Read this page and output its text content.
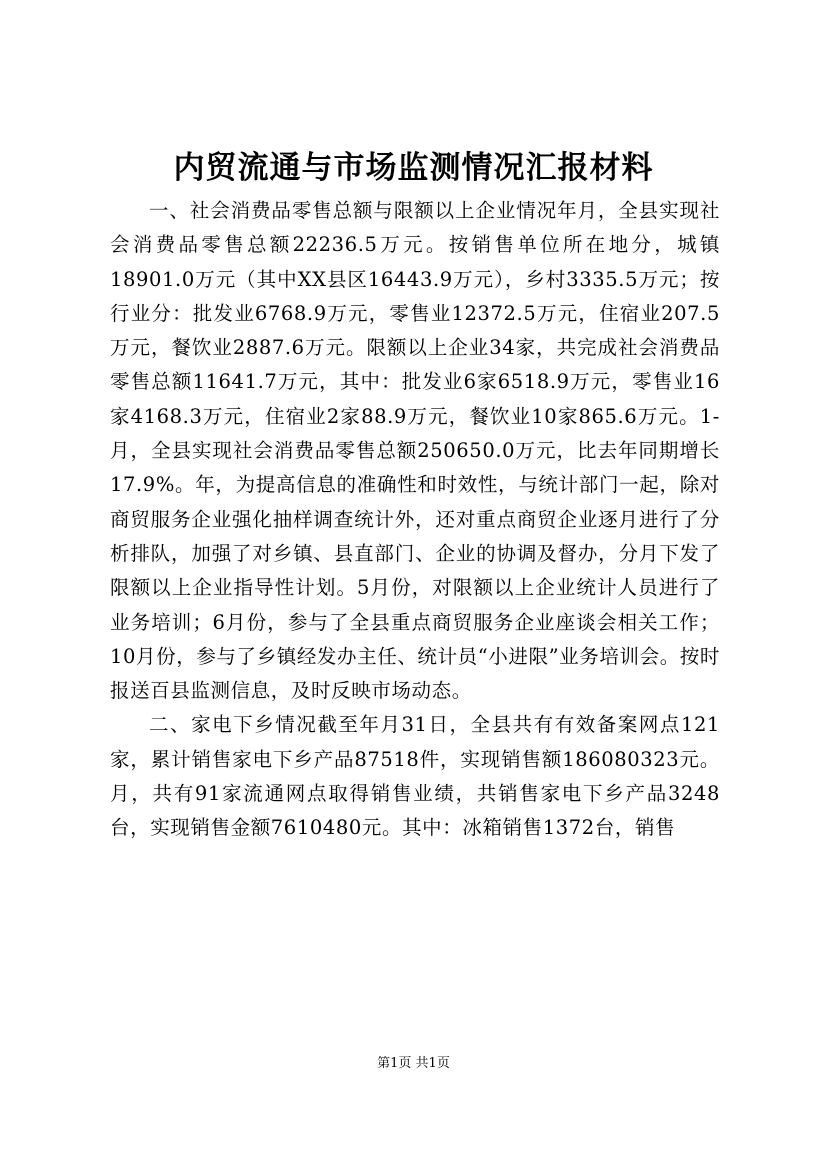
内贸流通与市场监测情况汇报材料

一、社会消费品零售总额与限额以上企业情况年月，全县实现社会消费品零售总额22236.5万元。按销售单位所在地分，城镇18901.0万元（其中XX县区16443.9万元），乡村3335.5万元；按行业分：批发业6768.9万元，零售业12372.5万元，住宿业207.5万元，餐饮业2887.6万元。限额以上企业34家，共完成社会消费品零售总额11641.7万元，其中：批发业6家6518.9万元，零售业16家4168.3万元，住宿业2家88.9万元，餐饮业10家865.6万元。1-月，全县实现社会消费品零售总额250650.0万元，比去年同期增长17.9%。年，为提高信息的准确性和时效性，与统计部门一起，除对商贸服务企业强化抽样调查统计外，还对重点商贸企业逐月进行了分析排队，加强了对乡镇、县直部门、企业的协调及督办，分月下发了限额以上企业指导性计划。5月份，对限额以上企业统计人员进行了业务培训；6月份，参与了全县重点商贸服务企业座谈会相关工作；10月份，参与了乡镇经发办主任、统计员“小进限”业务培训会。按时报送百县监测信息，及时反映市场动态。

二、家电下乡情况截至年月31日，全县共有有效备案网点121家，累计销售家电下乡产品87518件，实现销售额186080323元。月，共有91家流通网点取得销售业绩，共销售家电下乡产品3248台，实现销售金额7610480元。其中：冰箱销售1372台，销售

第1页 共1页
